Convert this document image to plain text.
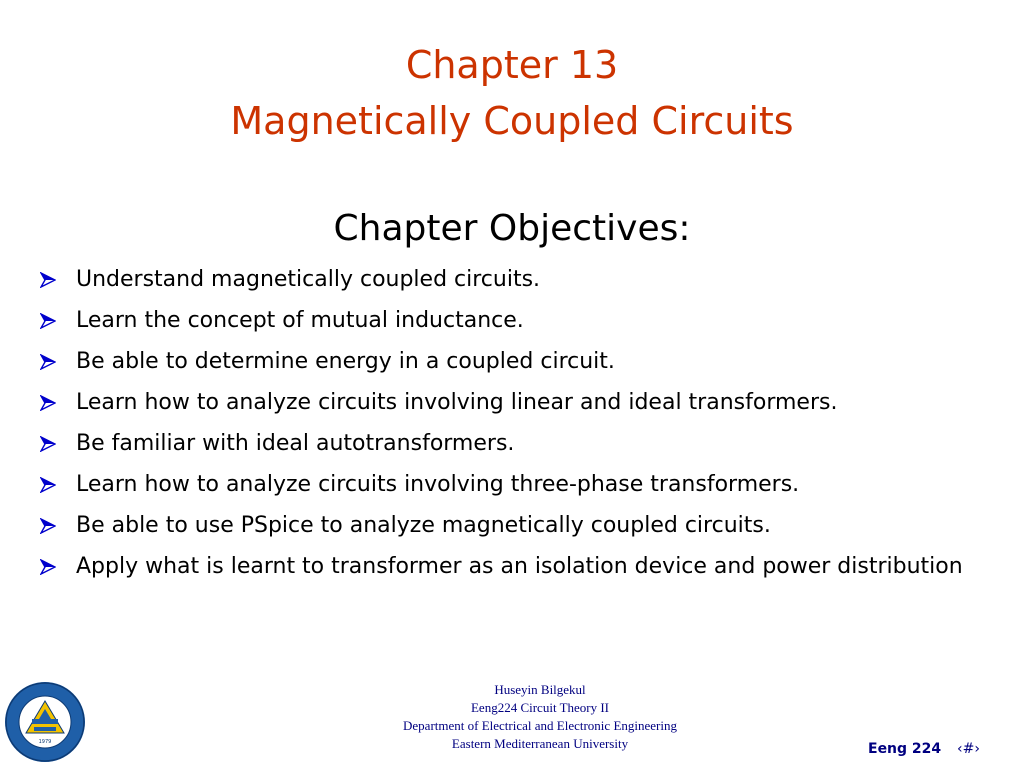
Chapter 13
Magnetically Coupled Circuits
Chapter Objectives:
Understand magnetically coupled circuits.
Learn the concept of mutual inductance.
Be able to determine energy in a coupled circuit.
Learn how to analyze circuits involving linear and ideal transformers.
Be familiar with ideal autotransformers.
Learn how to analyze circuits involving three-phase transformers.
Be able to use PSpice to analyze magnetically coupled circuits.
Apply what is learnt to transformer as an isolation device and power distribution
1979
Huseyin Bilgekul
Eeng224 Circuit Theory II
Department of Electrical and Electronic Engineering
Eastern Mediterranean University	Eeng 224 ‹#›
